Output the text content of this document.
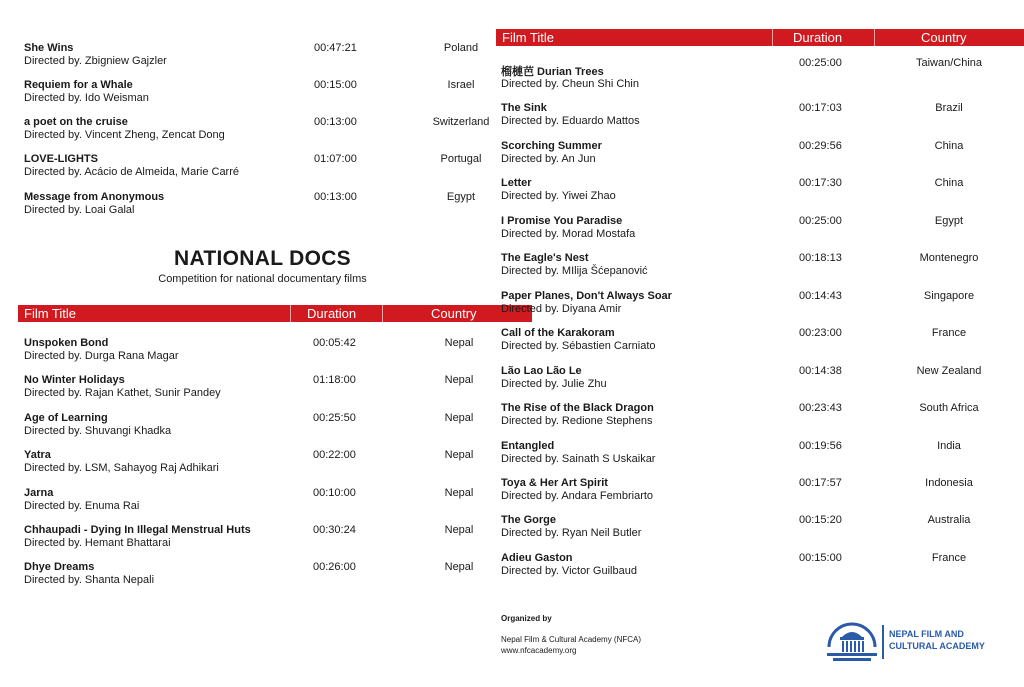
She Wins
Directed by. Zbigniew Gajzler
00:47:21	Poland
Requiem for a Whale
Directed by. Ido Weisman
00:15:00	Israel
a poet on the cruise
Directed by. Vincent Zheng, Zencat Dong
00:13:00	Switzerland
LOVE-LIGHTS
Directed by. Acácio de Almeida, Marie Carré
01:07:00	Portugal
Message from Anonymous
Directed by. Loai Galal
00:13:00	Egypt
NATIONAL DOCS
Competition for national documentary films
Film Title	Duration	Country
Unspoken Bond
Directed by. Durga Rana Magar
00:05:42	Nepal
No Winter Holidays
Directed by. Rajan Kathet, Sunir Pandey
01:18:00	Nepal
Age of Learning
Directed by. Shuvangi Khadka
00:25:50	Nepal
Yatra
Directed by. LSM, Sahayog Raj Adhikari
00:22:00	Nepal
Jarna
Directed by. Enuma Rai
00:10:00	Nepal
Chhaupadi - Dying In Illegal Menstrual Huts
Directed by. Hemant Bhattarai
00:30:24	Nepal
Dhye Dreams
Directed by. Shanta Nepali
00:26:00	Nepal
Film Title	Duration	Country
榴槤芭 Durian Trees
Directed by. Cheun Shi Chin
00:25:00	Taiwan/China
The Sink
Directed by. Eduardo Mattos
00:17:03	Brazil
Scorching Summer
Directed by. An Jun
00:29:56	China
Letter
Directed by. Yiwei Zhao
00:17:30	China
I Promise You Paradise
Directed by. Morad Mostafa
00:25:00	Egypt
The Eagle's Nest
Directed by. MIlija Šćepanović
00:18:13	Montenegro
Paper Planes, Don't Always Soar
Directed by. Diyana Amir
00:14:43	Singapore
Call of the Karakoram
Directed by. Sébastien Carniato
00:23:00	France
Lão Lao Lão Le
Directed by. Julie Zhu
00:14:38	New Zealand
The Rise of the Black Dragon
Directed by. Redione Stephens
00:23:43	South Africa
Entangled
Directed by. Sainath S Uskaikar
00:19:56	India
Toya & Her Art Spirit
Directed by. Andara Fembriarto
00:17:57	Indonesia
The Gorge
Directed by. Ryan Neil Butler
00:15:20	Australia
Adieu Gaston
Directed by. Victor Guilbaud
00:15:00	France
Organized by
Nepal Film & Cultural Academy (NFCA)
www.nfcacademy.org
NEPAL FILM AND
CULTURAL ACADEMY
